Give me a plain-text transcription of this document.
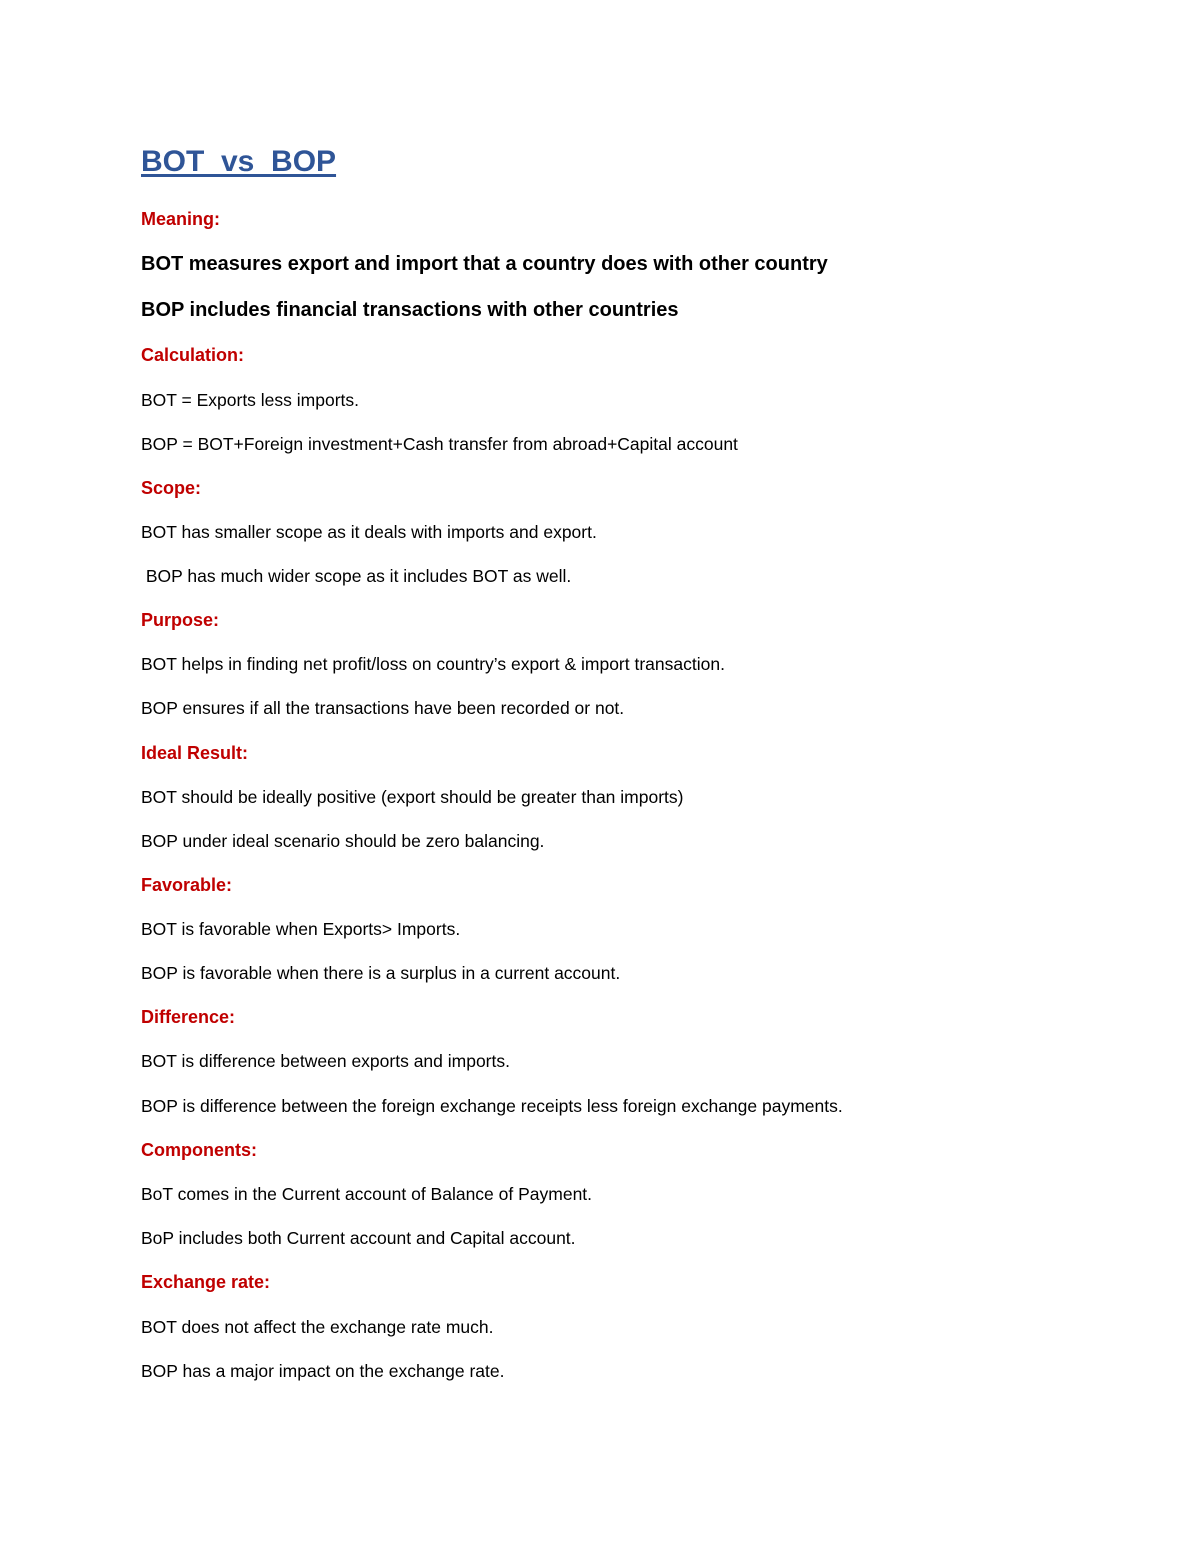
BOT  vs  BOP
Meaning:
BOT measures export and import that a country does with other country
BOP includes financial transactions with other countries
Calculation:
BOT = Exports less imports.
BOP = BOT+Foreign investment+Cash transfer from abroad+Capital account
Scope:
BOT has smaller scope as it deals with imports and export.
BOP has much wider scope as it includes BOT as well.
Purpose:
BOT helps in finding net profit/loss on country’s export & import transaction.
BOP ensures if all the transactions have been recorded or not.
Ideal Result:
BOT should be ideally positive (export should be greater than imports)
BOP under ideal scenario should be zero balancing.
Favorable:
BOT is favorable when Exports> Imports.
BOP is favorable when there is a surplus in a current account.
Difference:
BOT is difference between exports and imports.
BOP is difference between the foreign exchange receipts less foreign exchange payments.
Components:
BoT comes in the Current account of Balance of Payment.
BoP includes both Current account and Capital account.
Exchange rate:
BOT does not affect the exchange rate much.
BOP has a major impact on the exchange rate.
